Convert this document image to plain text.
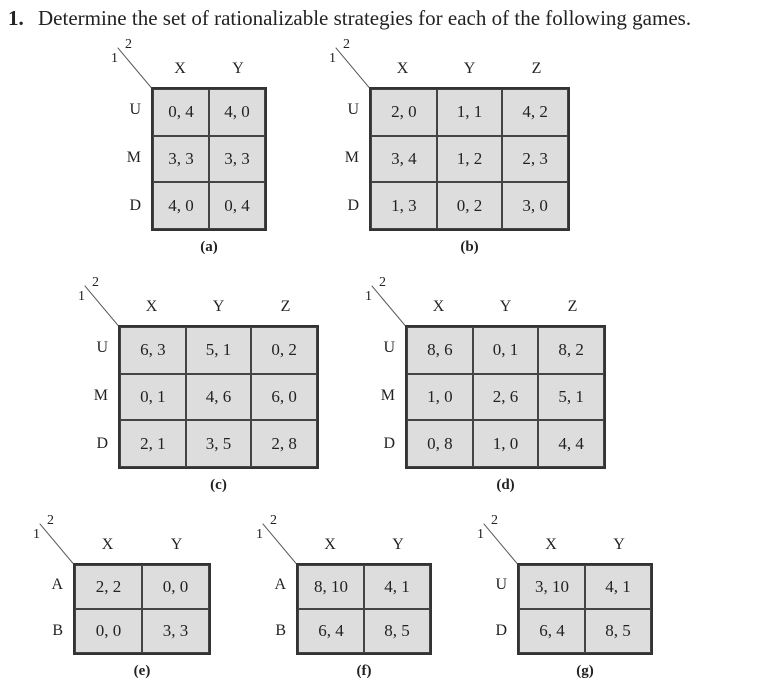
1. Determine the set of rationalizable strategies for each of the following games.
0, 4	4, 0
3, 3	3, 3
4, 0	0, 4
X	Y
U
M
D
2
1
(a)
2, 0	1, 1	4, 2
3, 4	1, 2	2, 3
1, 3	0, 2	3, 0
X	Y	Z
U
M
D
2
1
(b)
6, 3	5, 1	0, 2
0, 1	4, 6	6, 0
2, 1	3, 5	2, 8
X	Y	Z
U
M
D
2
1
(c)
8, 6	0, 1	8, 2
1, 0	2, 6	5, 1
0, 8	1, 0	4, 4
X	Y	Z
U
M
D
2
1
(d)
2, 2	0, 0
0, 0	3, 3
X	Y
A
B
2
1
(e)
8, 10	4, 1
6, 4	8, 5
X	Y
A
B
2
1
(f)
3, 10	4, 1
6, 4	8, 5
X	Y
U
D
2
1
(g)
